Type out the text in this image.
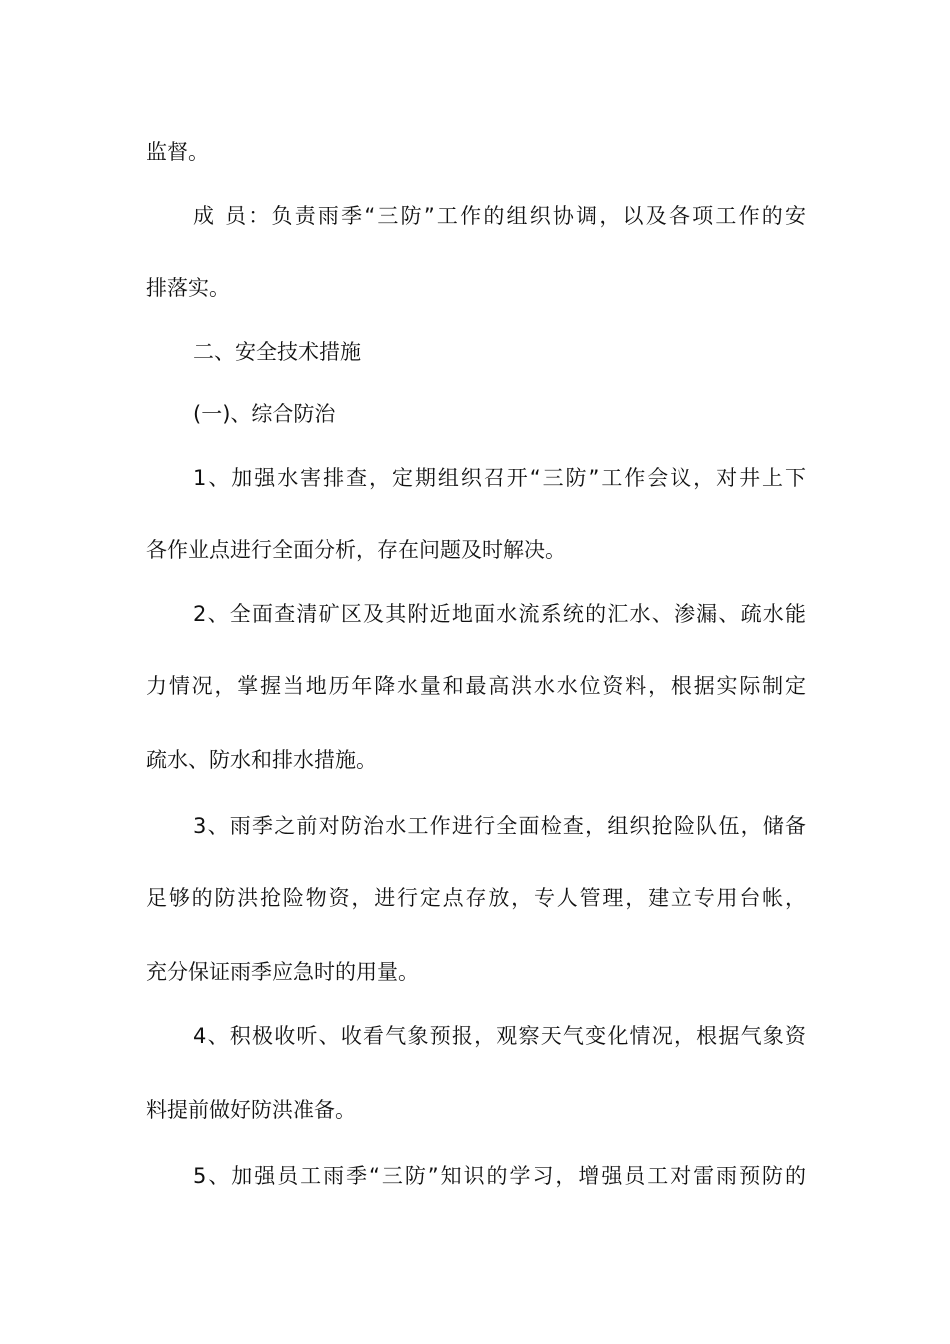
监督。
成 员：负责雨季“三防”工作的组织协调，以及各项工作的安
排落实。
二、安全技术措施
(一)、综合防治
1、加强水害排查，定期组织召开“三防”工作会议，对井上下
各作业点进行全面分析，存在问题及时解决。
2、全面查清矿区及其附近地面水流系统的汇水、渗漏、疏水能
力情况，掌握当地历年降水量和最高洪水水位资料，根据实际制定
疏水、防水和排水措施。
3、雨季之前对防治水工作进行全面检查，组织抢险队伍，储备
足够的防洪抢险物资，进行定点存放，专人管理，建立专用台帐，
充分保证雨季应急时的用量。
4、积极收听、收看气象预报，观察天气变化情况，根据气象资
料提前做好防洪准备。
5、加强员工雨季“三防”知识的学习，增强员工对雷雨预防的
